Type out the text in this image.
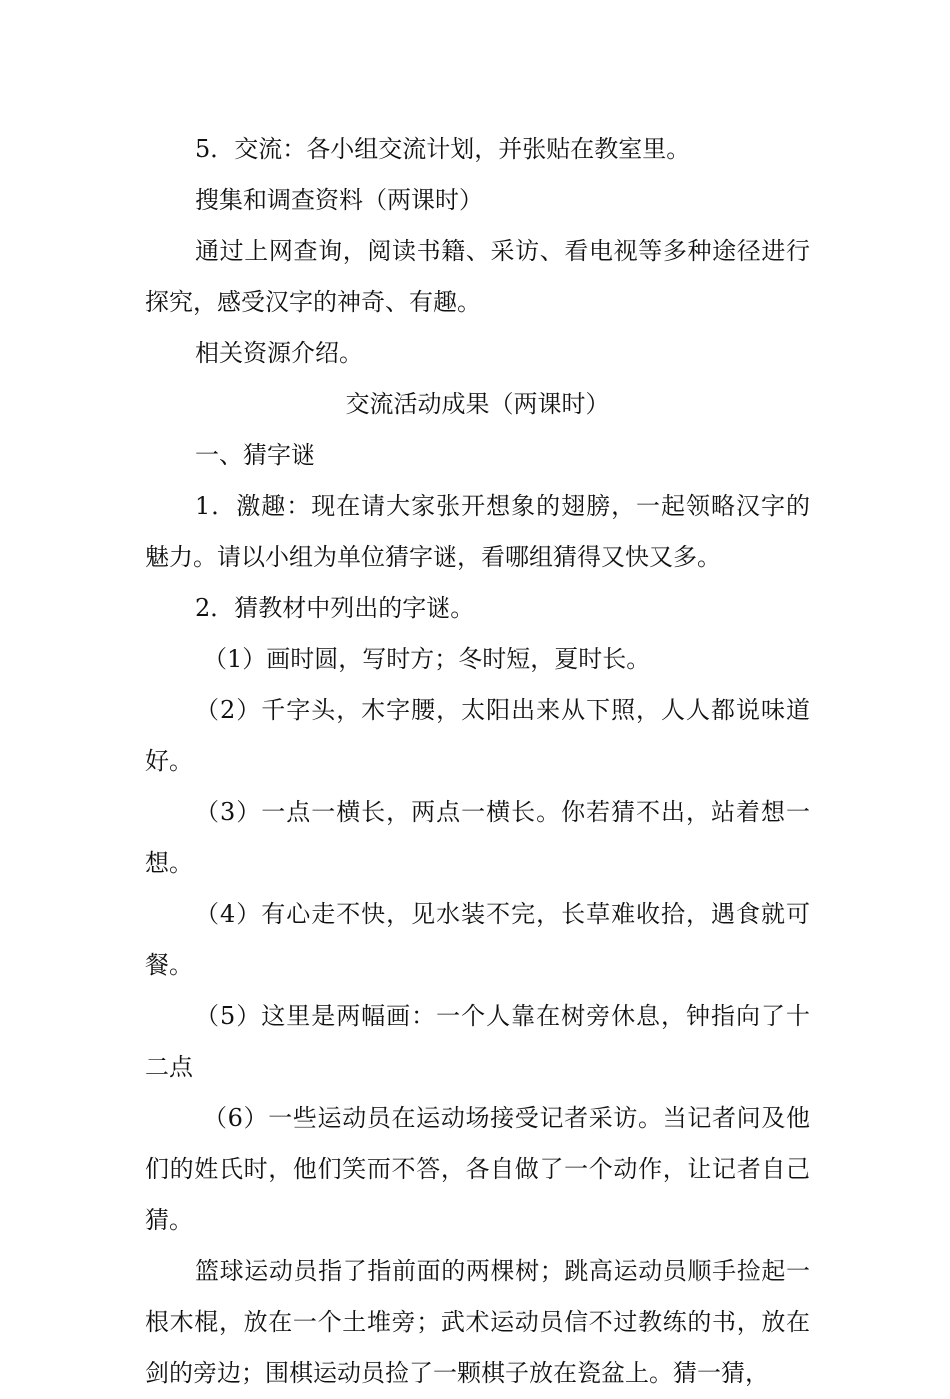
5．交流：各小组交流计划，并张贴在教室里。

搜集和调查资料（两课时）

通过上网查询，阅读书籍、采访、看电视等多种途径进行探究，感受汉字的神奇、有趣。

相关资源介绍。

交流活动成果（两课时）

一、猜字谜

1．激趣：现在请大家张开想象的翅膀，一起领略汉字的魅力。请以小组为单位猜字谜，看哪组猜得又快又多。

2．猜教材中列出的字谜。

（1）画时圆，写时方；冬时短，夏时长。

（2）千字头，木字腰，太阳出来从下照，人人都说味道好。

（3）一点一横长，两点一横长。你若猜不出，站着想一想。

（4）有心走不快，见水装不完，长草难收拾，遇食就可餐。

（5）这里是两幅画：一个人靠在树旁休息，钟指向了十二点

（6）一些运动员在运动场接受记者采访。当记者问及他们的姓氏时，他们笑而不答，各自做了一个动作，让记者自己猜。

篮球运动员指了指前面的两棵树；跳高运动员顺手捡起一根木棍，放在一个土堆旁；武术运动员信不过教练的书，放在剑的旁边；围棋运动员捡了一颗棋子放在瓷盆上。猜一猜，
